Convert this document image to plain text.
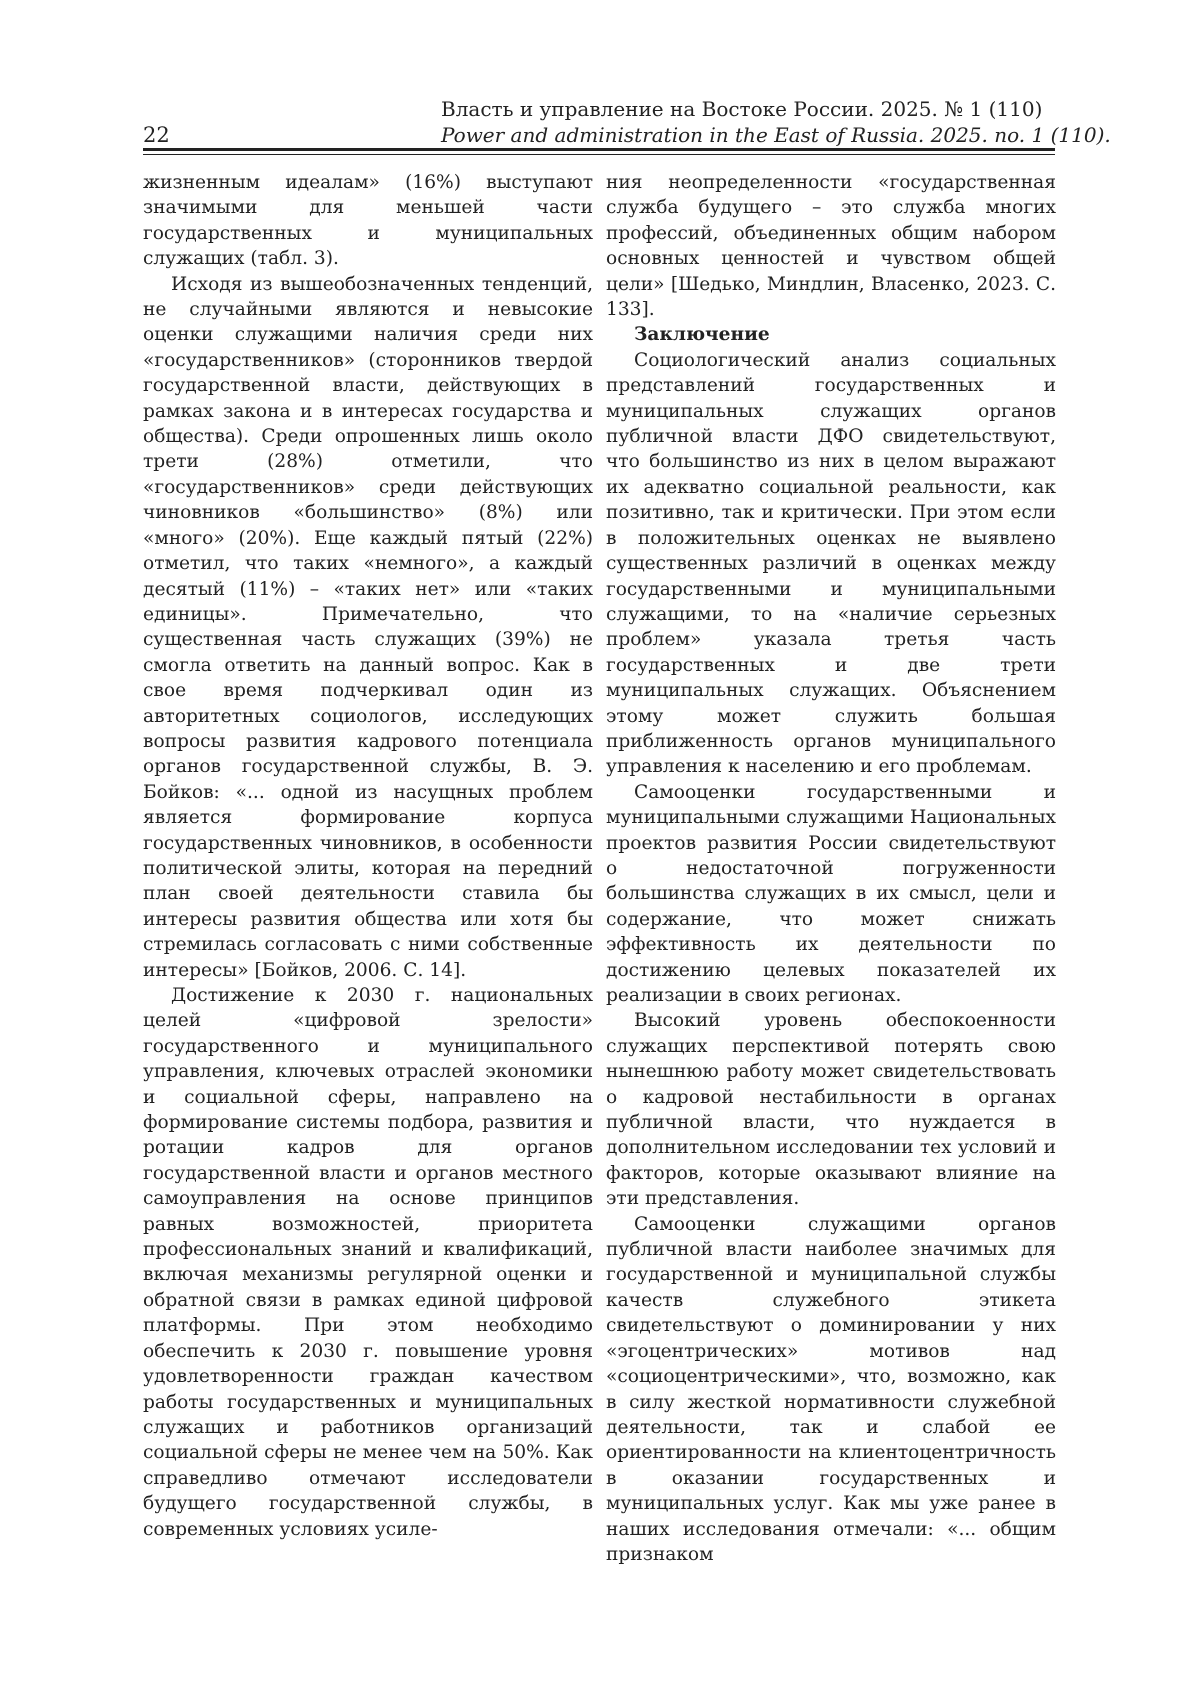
22
Власть и управление на Востоке России. 2025. № 1 (110)
Power and administration in the East of Russia. 2025. no. 1 (110).

жизненным идеалам» (16%) выступают значимыми для меньшей части государственных и муниципальных служащих (табл. 3).

Исходя из вышеобозначенных тенденций, не случайными являются и невысокие оценки служащими наличия среди них «государственников» (сторонников твердой государственной власти, действующих в рамках закона и в интересах государства и общества). Среди опрошенных лишь около трети (28%) отметили, что «государственников» среди действующих чиновников «большинство» (8%) или «много» (20%). Еще каждый пятый (22%) отметил, что таких «немного», а каждый десятый (11%) – «таких нет» или «таких единицы». Примечательно, что существенная часть служащих (39%) не смогла ответить на данный вопрос. Как в свое время подчеркивал один из авторитетных социологов, исследующих вопросы развития кадрового потенциала органов государственной службы, В. Э. Бойков: «... одной из насущных проблем является формирование корпуса государственных чиновников, в особенности политической элиты, которая на передний план своей деятельности ставила бы интересы развития общества или хотя бы стремилась согласовать с ними собственные интересы» [Бойков, 2006. С. 14].

Достижение к 2030 г. национальных целей «цифровой зрелости» государственного и муниципального управления, ключевых отраслей экономики и социальной сферы, направлено на формирование системы подбора, развития и ротации кадров для органов государственной власти и органов местного самоуправления на основе принципов равных возможностей, приоритета профессиональных знаний и квалификаций, включая механизмы регулярной оценки и обратной связи в рамках единой цифровой платформы. При этом необходимо обеспечить к 2030 г. повышение уровня удовлетворенности граждан качеством работы государственных и муниципальных служащих и работников организаций социальной сферы не менее чем на 50%. Как справедливо отмечают исследователи будущего государственной службы, в современных условиях усиле-

ния неопределенности «государственная служба будущего – это служба многих профессий, объединенных общим набором основных ценностей и чувством общей цели» [Шедько, Миндлин, Власенко, 2023. С. 133].

Заключение

Социологический анализ социальных представлений государственных и муниципальных служащих органов публичной власти ДФО свидетельствуют, что большинство из них в целом выражают их адекватно социальной реальности, как позитивно, так и критически. При этом если в положительных оценках не выявлено существенных различий в оценках между государственными и муниципальными служащими, то на «наличие серьезных проблем» указала третья часть государственных и две трети муниципальных служащих. Объяснением этому может служить большая приближенность органов муниципального управления к населению и его проблемам.

Самооценки государственными и муниципальными служащими Национальных проектов развития России свидетельствуют о недостаточной погруженности большинства служащих в их смысл, цели и содержание, что может снижать эффективность их деятельности по достижению целевых показателей их реализации в своих регионах.

Высокий уровень обеспокоенности служащих перспективой потерять свою нынешнюю работу может свидетельствовать о кадровой нестабильности в органах публичной власти, что нуждается в дополнительном исследовании тех условий и факторов, которые оказывают влияние на эти представления.

Самооценки служащими органов публичной власти наиболее значимых для государственной и муниципальной службы качеств служебного этикета свидетельствуют о доминировании у них «эгоцентрических» мотивов над «социоцентрическими», что, возможно, как в силу жесткой нормативности служебной деятельности, так и слабой ее ориентированности на клиентоцентричность в оказании государственных и муниципальных услуг. Как мы уже ранее в наших исследования отмечали: «... общим признаком
